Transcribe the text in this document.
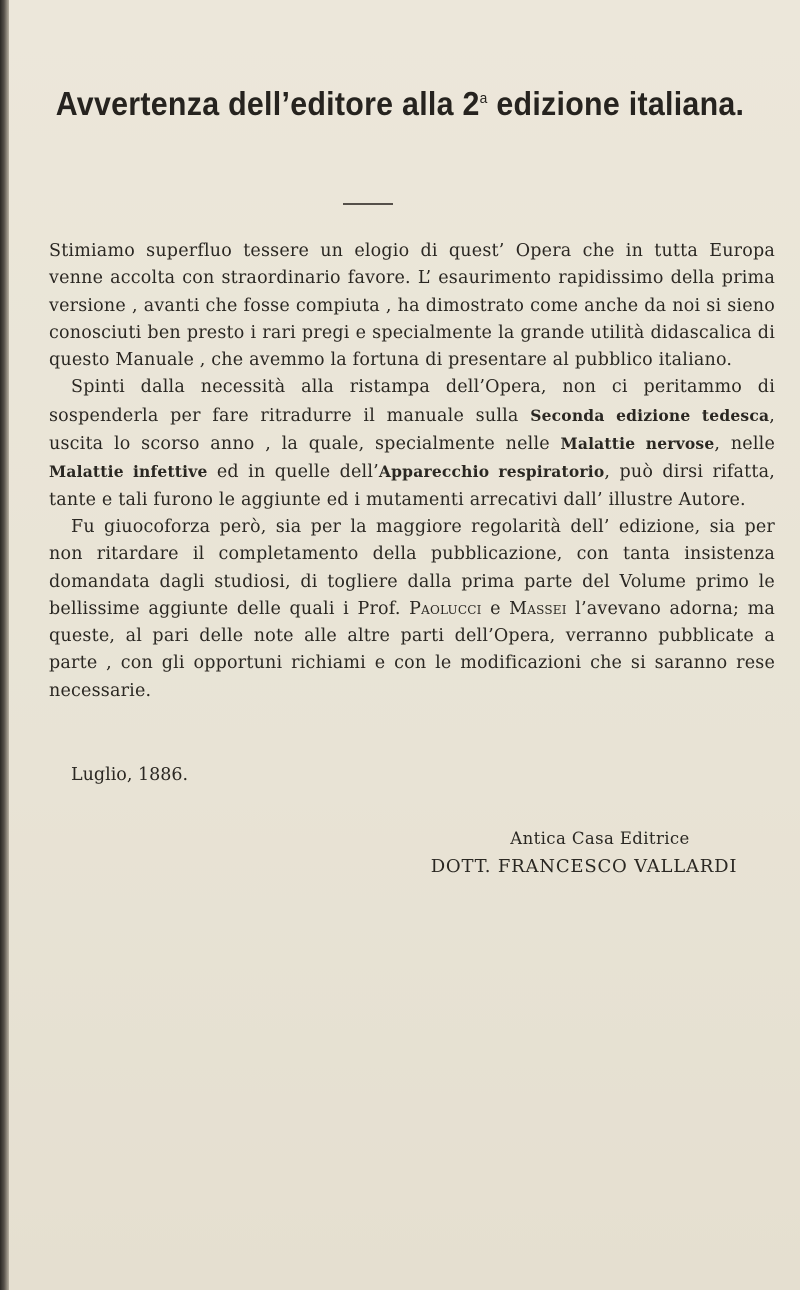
Avvertenza dell’editore alla 2$^a$ edizione italiana.

Stimiamo superfluo tessere un elogio di quest’ Opera che in tutta Europa venne accolta con straordinario favore. L’ esaurimento rapidissimo della prima versione , avanti che fosse compiuta , ha dimostrato come anche da noi si sieno conosciuti ben presto i rari pregi e specialmente la grande utilità didascalica di questo Manuale , che avemmo la fortuna di presentare al pubblico italiano.

Spinti dalla necessità alla ristampa dell’Opera, non ci peritammo di sospenderla per fare ritradurre il manuale sulla Seconda edizione tedesca, uscita lo scorso anno , la quale, specialmente nelle Malattie nervose, nelle Malattie infettive ed in quelle dell’Apparecchio respiratorio, può dirsi rifatta, tante e tali furono le aggiunte ed i mutamenti arrecativi dall’ illustre Autore.

Fu giuocoforza però, sia per la maggiore regolarità dell’ edizione, sia per non ritardare il completamento della pubblicazione, con tanta insistenza domandata dagli studiosi, di togliere dalla prima parte del Volume primo le bellissime aggiunte delle quali i Prof. Paolucci e Massei l’avevano adorna; ma queste, al pari delle note alle altre parti dell’Opera, verranno pubblicate a parte , con gli opportuni richiami e con le modificazioni che si saranno rese necessarie.

Luglio, 1886.
Antica Casa Editrice
DOTT. FRANCESCO VALLARDI
